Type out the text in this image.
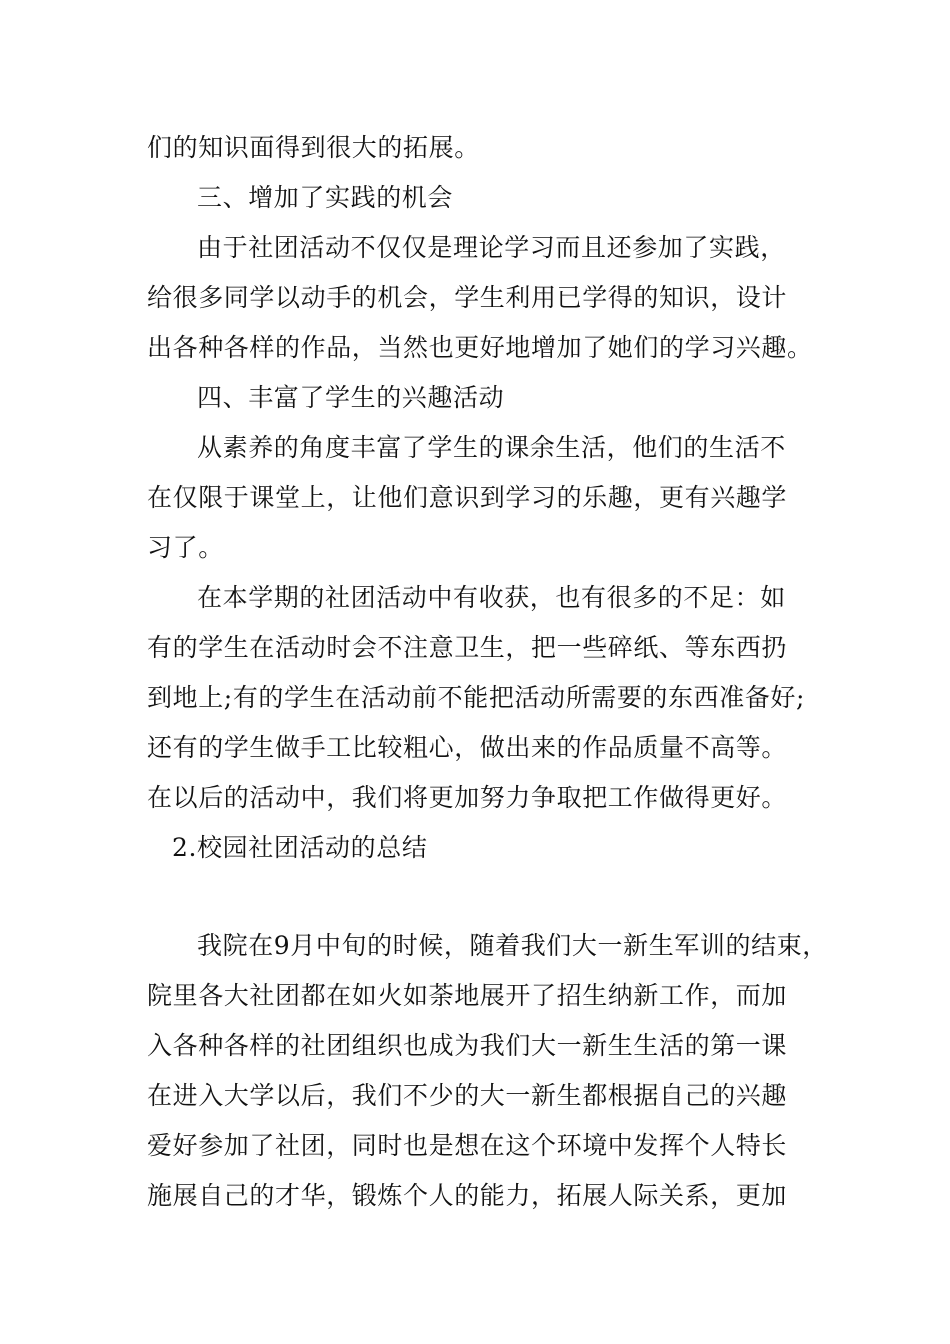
们的知识面得到很大的拓展。
三、增加了实践的机会
由于社团活动不仅仅是理论学习而且还参加了实践，
给很多同学以动手的机会，学生利用已学得的知识，设计
出各种各样的作品，当然也更好地增加了她们的学习兴趣。
四、丰富了学生的兴趣活动
从素养的角度丰富了学生的课余生活，他们的生活不
在仅限于课堂上，让他们意识到学习的乐趣，更有兴趣学
习了。
在本学期的社团活动中有收获，也有很多的不足：如
有的学生在活动时会不注意卫生，把一些碎纸、等东西扔
到地上;有的学生在活动前不能把活动所需要的东西准备好;
还有的学生做手工比较粗心，做出来的作品质量不高等。
在以后的活动中，我们将更加努力争取把工作做得更好。
2.校园社团活动的总结
我院在9月中旬的时候，随着我们大一新生军训的结束，
院里各大社团都在如火如荼地展开了招生纳新工作，而加
入各种各样的社团组织也成为我们大一新生生活的第一课
在进入大学以后，我们不少的大一新生都根据自己的兴趣
爱好参加了社团，同时也是想在这个环境中发挥个人特长
施展自己的才华，锻炼个人的能力，拓展人际关系，更加
